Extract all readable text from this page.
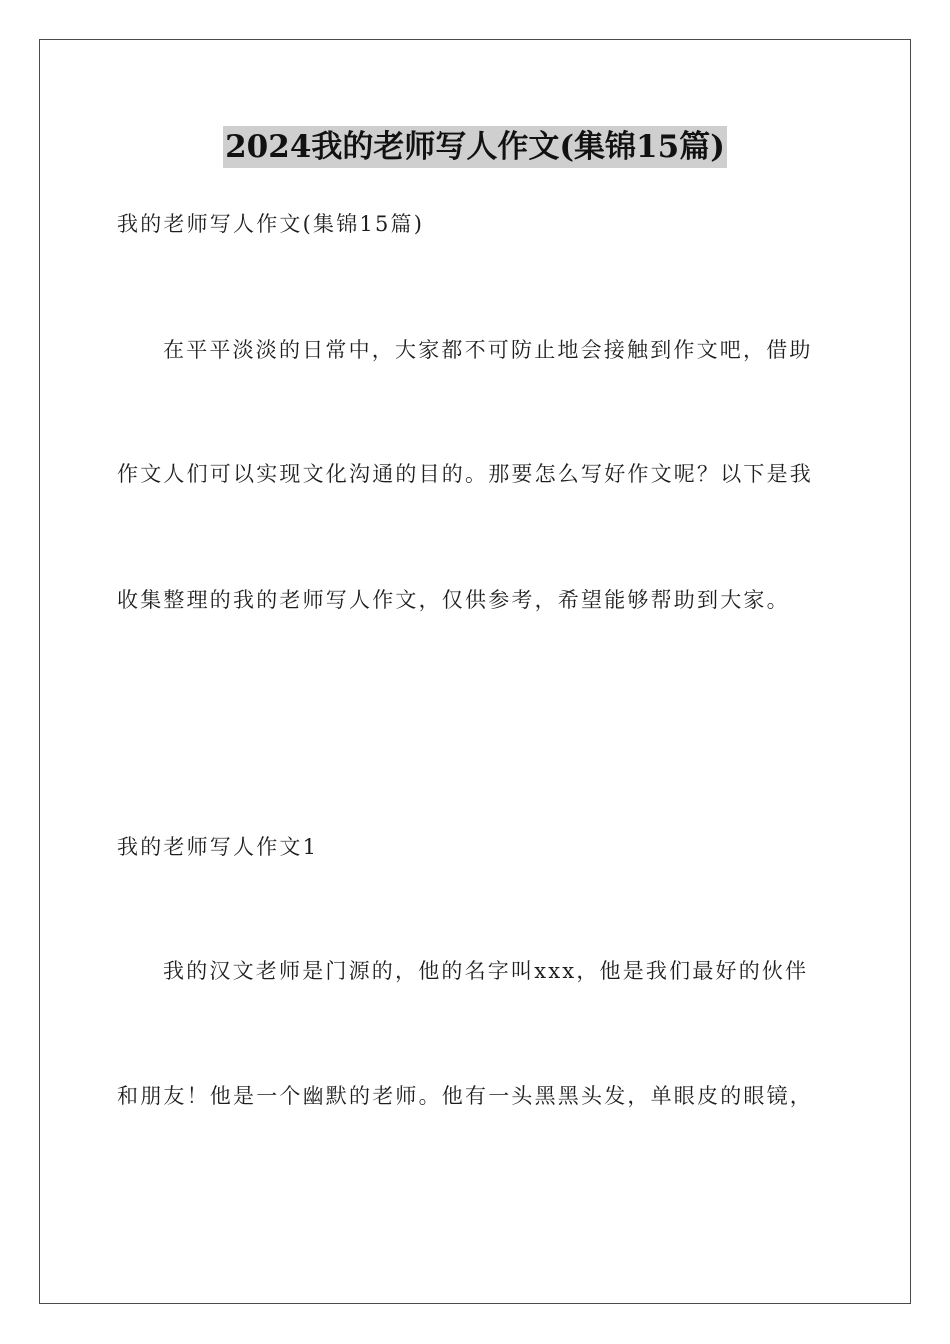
2024我的老师写人作文(集锦15篇)
我的老师写人作文(集锦15篇)
在平平淡淡的日常中，大家都不可防止地会接触到作文吧，借助
作文人们可以实现文化沟通的目的。那要怎么写好作文呢？以下是我
收集整理的我的老师写人作文，仅供参考，希望能够帮助到大家。
我的老师写人作文1
我的汉文老师是门源的，他的名字叫xxx，他是我们最好的伙伴
和朋友！他是一个幽默的老师。他有一头黑黑头发，单眼皮的眼镜，
